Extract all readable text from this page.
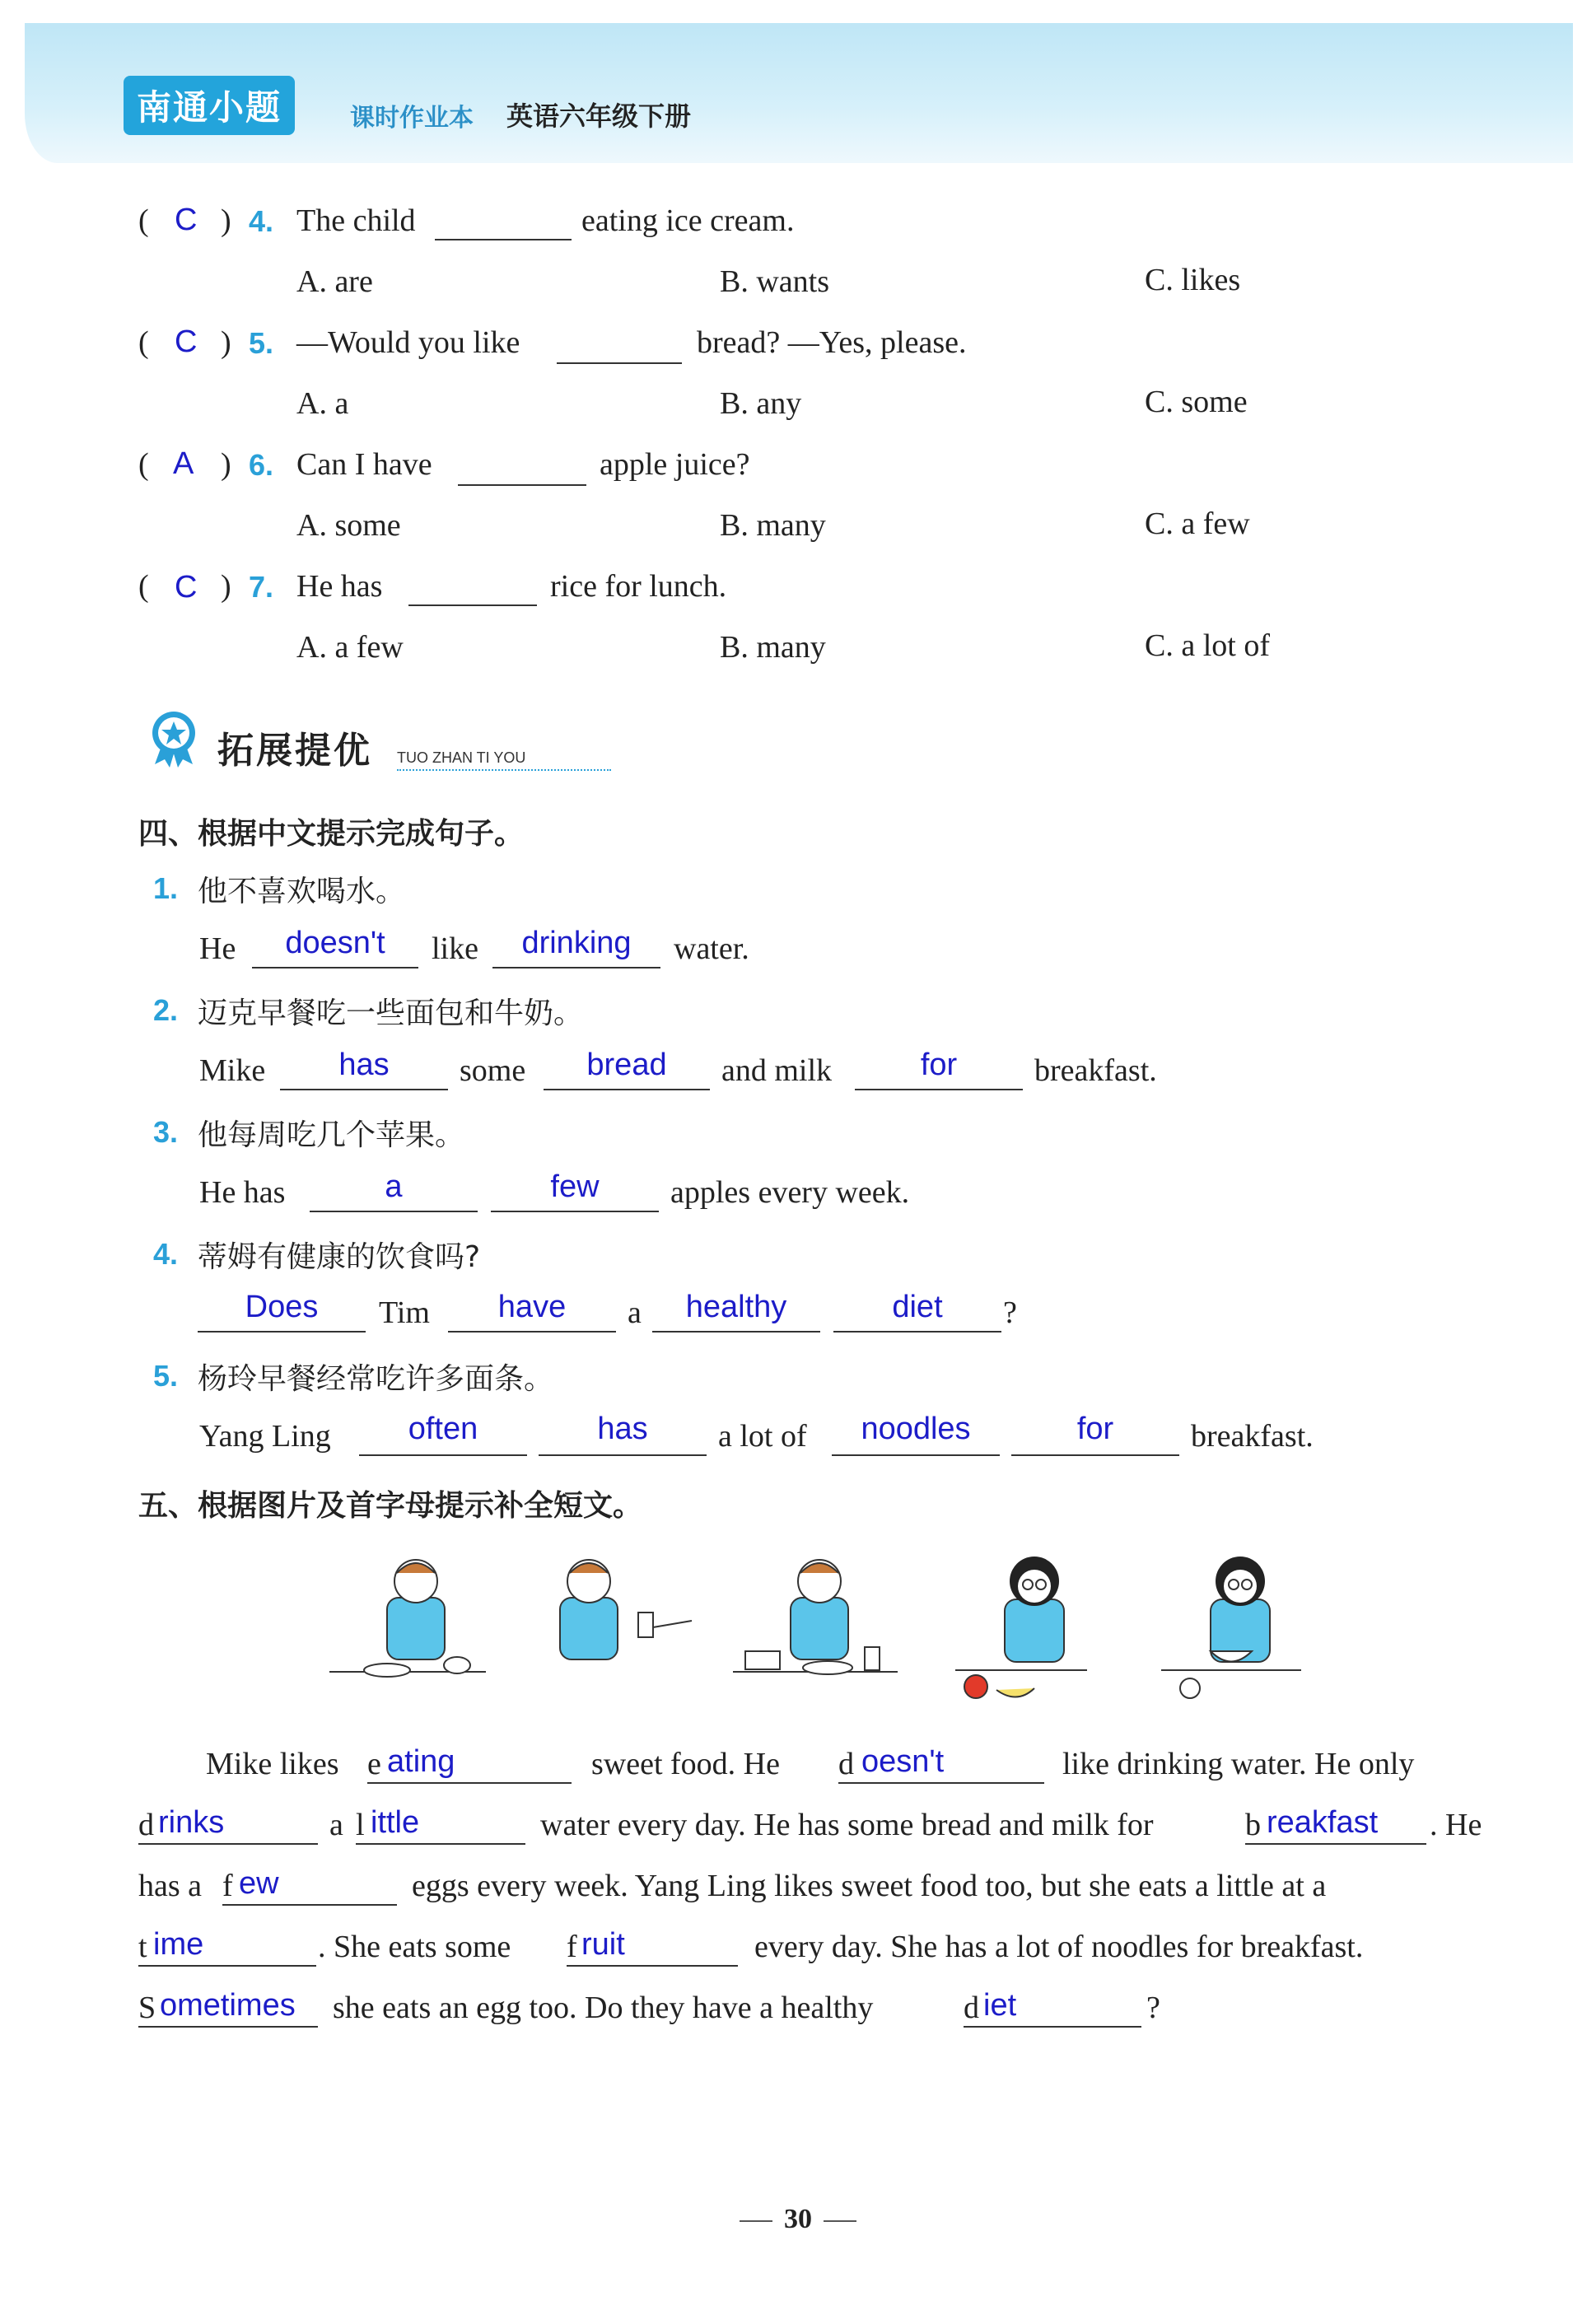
南通小题	课时作业本 英语六年级下册
( C ) 4. The child	eating ice cream.
A. are	B. wants	C. likes
( C ) 5. —Would you like	bread? —Yes, please.
A. a	B. any	C. some
( A ) 6. Can I have	apple juice?
A. some	B. many	C. a few
( C ) 7. He has	rice for lunch.
A. a few	B. many	C. a lot of
拓展提优 TUO ZHAN TI YOU
四、根据中文提示完成句子。
1. 他不喜欢喝水。
He	doesn't	like	drinking	water.
2. 迈克早餐吃一些面包和牛奶。
Mike	has	some	bread	and milk	for	breakfast.
3. 他每周吃几个苹果。
He has	a	few	apples every week.
4. 蒂姆有健康的饮食吗?
Does	Tim	have	a	healthy	diet	?
5. 杨玲早餐经常吃许多面条。
Yang Ling	often	has	a lot of	noodles	for	breakfast.
五、根据图片及首字母提示补全短文。
Mike likes e ating	sweet food. He d oesn't	like drinking water. He only
d rinks	a l ittle	water every day. He has some bread and milk for	b reakfast . He
has a f ew	eggs every week. Yang Ling likes sweet food too, but she eats a little at a
t ime	. She eats some f ruit	every day. She has a lot of noodles for breakfast.
S ometimes she eats an egg too. Do they have a healthy	d iet	?
30
